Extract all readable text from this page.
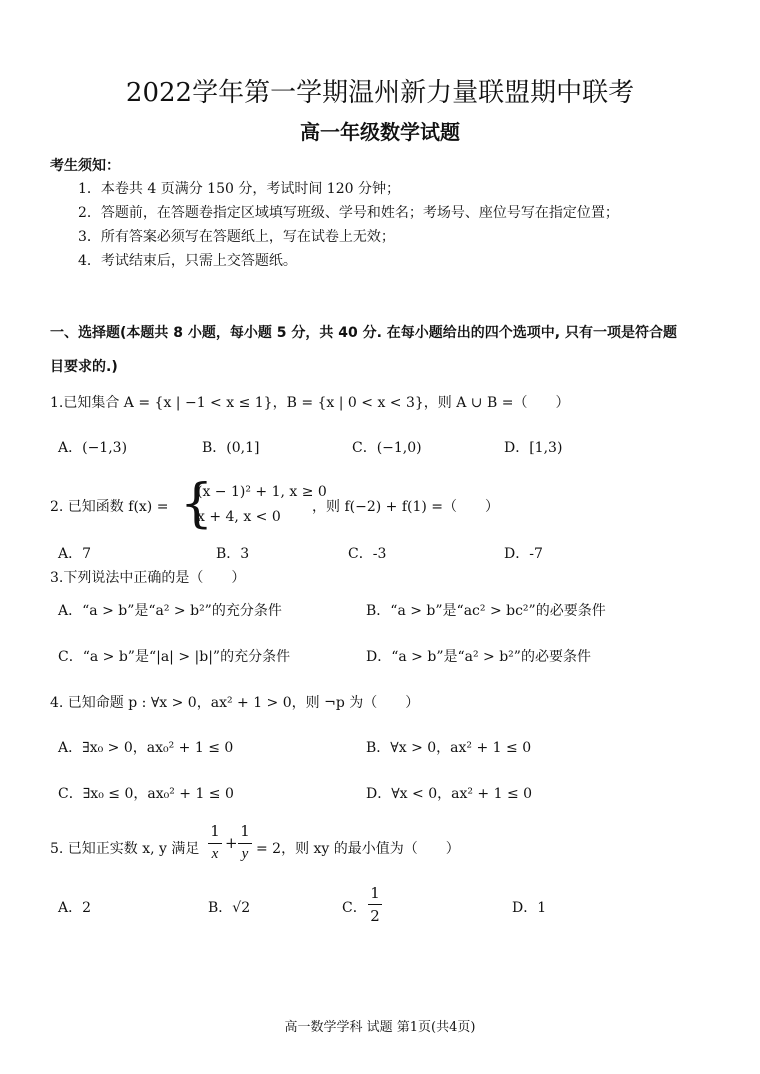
2022学年第一学期温州新力量联盟期中联考
高一年级数学试题
考生须知：
1．本卷共 4 页满分 150 分，考试时间 120 分钟；
2．答题前，在答题卷指定区域填写班级、学号和姓名；考场号、座位号写在指定位置；
3．所有答案必须写在答题纸上，写在试卷上无效；
4．考试结束后，只需上交答题纸。
一、选择题(本题共 8 小题，每小题 5 分，共 40 分. 在每小题给出的四个选项中, 只有一项是符合题
目要求的.)
1.已知集合 A = {x | −1 < x ≤ 1}，B = {x | 0 < x < 3}，则 A ∪ B =（　　）
A．(−1,3)	B．(0,1]	C．(−1,0)	D．[1,3)
2. 已知函数 f(x) = {
(x − 1)² + 1, x ≥ 0
x + 4, x < 0
，则 f(−2) + f(1) =（　　）
A．7	B．3	C．-3	D．-7
3.下列说法中正确的是（　　）
A．“a > b”是“a² > b²”的充分条件	B．“a > b”是“ac² > bc²”的必要条件
C．“a > b”是“|a| > |b|”的充分条件	D．“a > b”是“a² > b²”的必要条件
4. 已知命题 p : ∀x > 0，ax² + 1 > 0，则 ¬p 为（　　）
A．∃x₀ > 0，ax₀² + 1 ≤ 0	B．∀x > 0，ax² + 1 ≤ 0
C．∃x₀ ≤ 0，ax₀² + 1 ≤ 0	D．∀x < 0，ax² + 1 ≤ 0
5. 已知正实数 x, y 满足
1
x
+
1
y = 2，则 xy 的最小值为（　　）
A．2	B．√2	C．
1
2	D．1
高一数学学科 试题 第1页(共4页)
